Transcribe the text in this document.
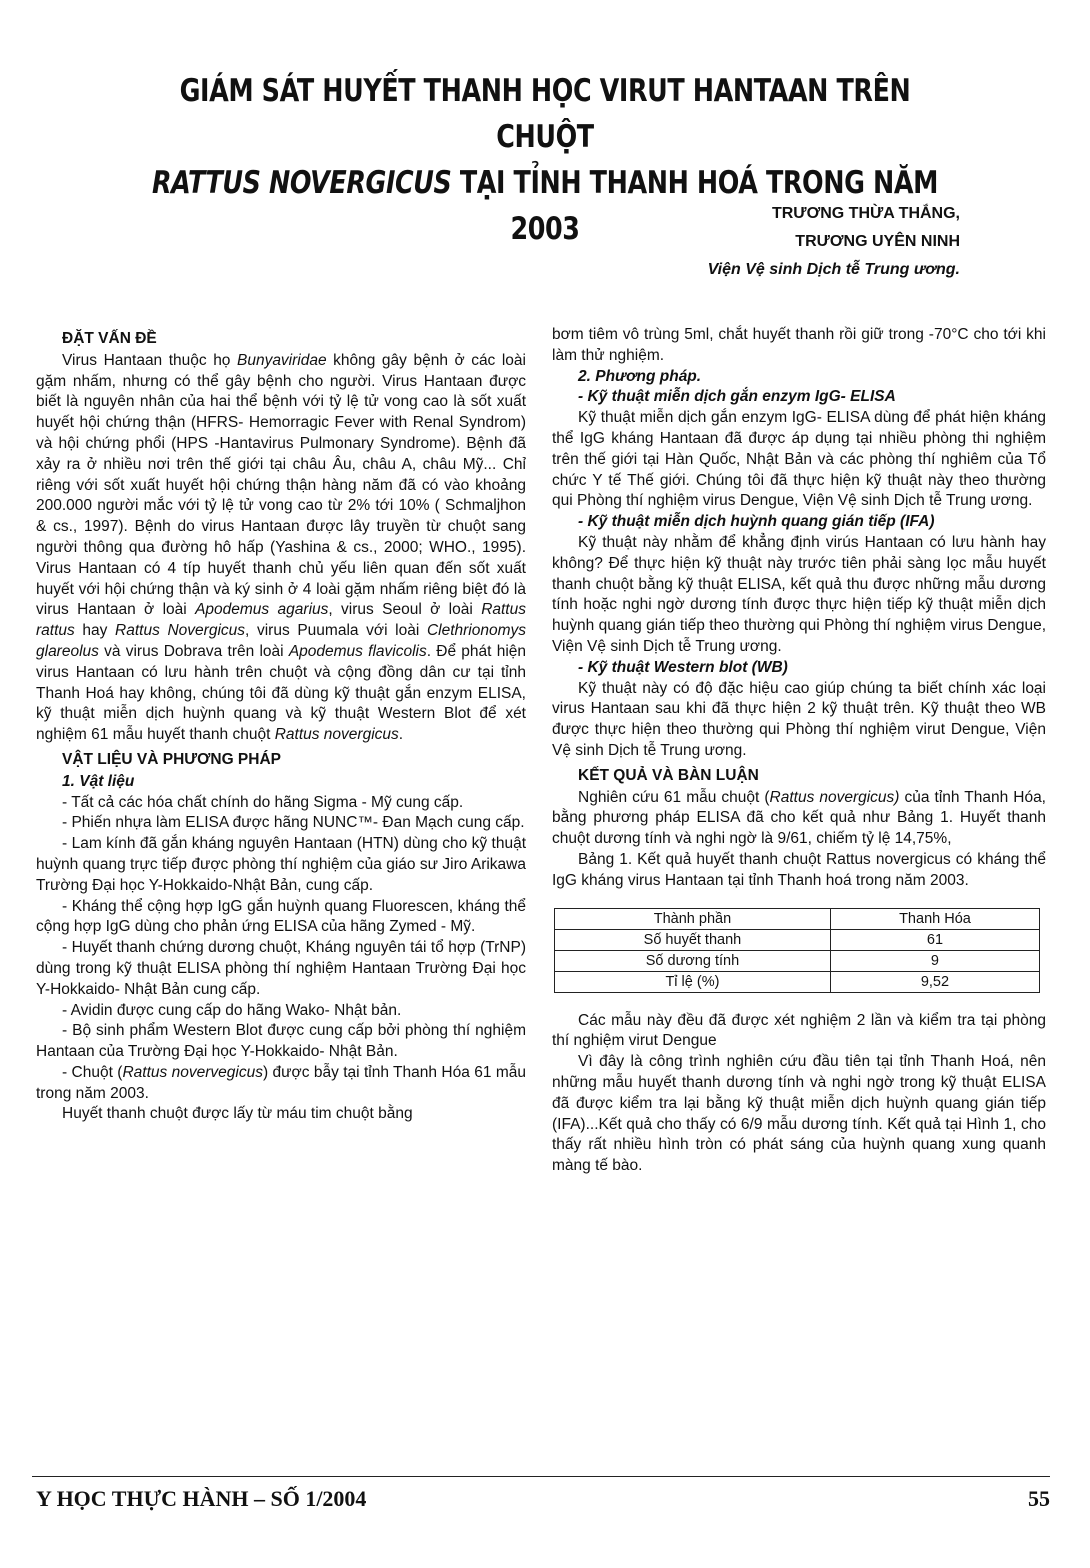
GIÁM SÁT HUYẾT THANH HỌC VIRUT HANTAAN TRÊN CHUỘT
RATTUS NOVERGICUS TẠI TỈNH THANH HOÁ TRONG NĂM 2003	TRƯƠNG THỪA THẮNG,
TRƯƠNG UYÊN NINH
Viện Vệ sinh Dịch tễ Trung ương.
ĐẶT VẤN ĐỀ

Virus Hantaan thuộc họ Bunyaviridae không gây bệnh ở các loài gặm nhấm, nhưng có thể gây bệnh cho người. Virus Hantaan được biết là nguyên nhân của hai thể bệnh với tỷ lệ tử vong cao là sốt xuất huyết hội chứng thận (HFRS- Hemorragic Fever with Renal Syndrom) và hội chứng phổi (HPS -Hantavirus Pulmonary Syndrome). Bệnh đã xảy ra ở nhiều nơi trên thế giới tại châu Âu, châu A, châu Mỹ... Chỉ riêng với sốt xuất huyết hội chứng thận hàng năm đã có vào khoảng 200.000 người mắc với tỷ lệ tử vong cao từ 2% tới 10% ( Schmaljhon & cs., 1997). Bệnh do virus Hantaan được lây truyền từ chuột sang người thông qua đường hô hấp (Yashina & cs., 2000; WHO., 1995). Virus Hantaan có 4 típ huyết thanh chủ yếu liên quan đến sốt xuất huyết với hội chứng thận và ký sinh ở 4 loài gặm nhấm riêng biệt đó là virus Hantaan ở loài Apodemus agarius, virus Seoul ở loài Rattus rattus hay Rattus Novergicus, virus Puumala với loài Clethrionomys glareolus và virus Dobrava trên loài Apodemus flavicolis. Để phát hiện virus Hantaan có lưu hành trên chuột và cộng đồng dân cư tại tỉnh Thanh Hoá hay không, chúng tôi đã dùng kỹ thuật gắn enzym ELISA, kỹ thuật miễn dịch huỳnh quang và kỹ thuật Western Blot để xét nghiệm 61 mẫu huyết thanh chuột Rattus novergicus.

VẬT LIỆU VÀ PHƯƠNG PHÁP
1. Vật liệu

- Tất cả các hóa chất chính do hãng Sigma - Mỹ cung cấp.

- Phiến nhựa làm ELISA được hãng NUNC™- Đan Mạch cung cấp.

- Lam kính đã gắn kháng nguyên Hantaan (HTN) dùng cho kỹ thuật huỳnh quang trực tiếp được phòng thí nghiệm của giáo sư Jiro Arikawa Trường Đại học Y-Hokkaido-Nhật Bản, cung cấp.

- Kháng thể cộng hợp IgG gắn huỳnh quang Fluorescen, kháng thể cộng hợp IgG dùng cho phản ứng ELISA của hãng Zymed - Mỹ.

- Huyết thanh chứng dương chuột, Kháng nguyên tái tổ hợp (TrNP) dùng trong kỹ thuật ELISA phòng thí nghiệm Hantaan Trường Đại học Y-Hokkaido- Nhật Bản cung cấp.

- Avidin được cung cấp do hãng Wako- Nhật bản.

- Bộ sinh phẩm Western Blot được cung cấp bởi phòng thí nghiệm Hantaan của Trường Đại học Y-Hokkaido- Nhật Bản.

- Chuột (Rattus novervegicus) được bẫy tại tỉnh Thanh Hóa 61 mẫu trong năm 2003.

Huyết thanh chuột được lấy từ máu tim chuột bằng

bơm tiêm vô trùng 5ml, chắt huyết thanh rồi giữ trong -70°C cho tới khi làm thử nghiệm.

2. Phương pháp.
- Kỹ thuật miễn dịch gắn enzym IgG- ELISA

Kỹ thuật miễn dịch gắn enzym IgG- ELISA dùng để phát hiện kháng thể IgG kháng Hantaan đã được áp dụng tại nhiều phòng thi nghiệm trên thế giới tại Hàn Quốc, Nhật Bản và các phòng thí nghiêm của Tổ chức Y tế Thế giới. Chúng tôi đã thực hiện kỹ thuật này theo thường qui Phòng thí nghiệm virus Dengue, Viện Vệ sinh Dịch tễ Trung ương.

- Kỹ thuật miễn dịch huỳnh quang gián tiếp (IFA)

Kỹ thuật này nhằm để khẳng định virús Hantaan có lưu hành hay không? Để thực hiện kỹ thuật này trước tiên phải sàng lọc mẫu huyết thanh chuột bằng kỹ thuật ELISA, kết quả thu được những mẫu dương tính hoặc nghi ngờ dương tính được thực hiện tiếp kỹ thuật miễn dịch huỳnh quang gián tiếp theo thường qui Phòng thí nghiệm virus Dengue, Viện Vệ sinh Dịch tễ Trung ương.

- Kỹ thuật Western blot (WB)

Kỹ thuật này có độ đặc hiệu cao giúp chúng ta biết chính xác loại virus Hantaan sau khi đã thực hiện 2 kỹ thuật trên. Kỹ thuật theo WB được thực hiện theo thường qui Phòng thí nghiệm virut Dengue, Viện Vệ sinh Dịch tễ Trung ương.

KẾT QUẢ VÀ BÀN LUẬN

Nghiên cứu 61 mẫu chuột (Rattus novergicus) của tỉnh Thanh Hóa, bằng phương pháp ELISA đã cho kết quả như Bảng 1. Huyết thanh chuột dương tính và nghi ngờ là 9/61, chiếm tỷ lệ 14,75%,

Bảng 1. Kết quả huyết thanh chuột Rattus novergicus có kháng thể IgG kháng virus Hantaan tại tỉnh Thanh hoá trong năm 2003.

Thành phần	Thanh Hóa
Số huyết thanh	61
Số dương tính	9
Tỉ lệ (%)	9,52

Các mẫu này đều đã được xét nghiệm 2 lần và kiểm tra tại phòng thí nghiệm virut Dengue

Vì đây là công trình nghiên cứu đầu tiên tại tỉnh Thanh Hoá, nên những mẫu huyết thanh dương tính và nghi ngờ trong kỹ thuật ELISA đã được kiểm tra lại bằng kỹ thuật miễn dịch huỳnh quang gián tiếp (IFA)...Kết quả cho thấy có 6/9 mẫu dương tính. Kết quả tại Hình 1, cho thấy rất nhiều hình tròn có phát sáng của huỳnh quang xung quanh màng tế bào.

Y HỌC THỰC HÀNH – SỐ 1/2004	55
